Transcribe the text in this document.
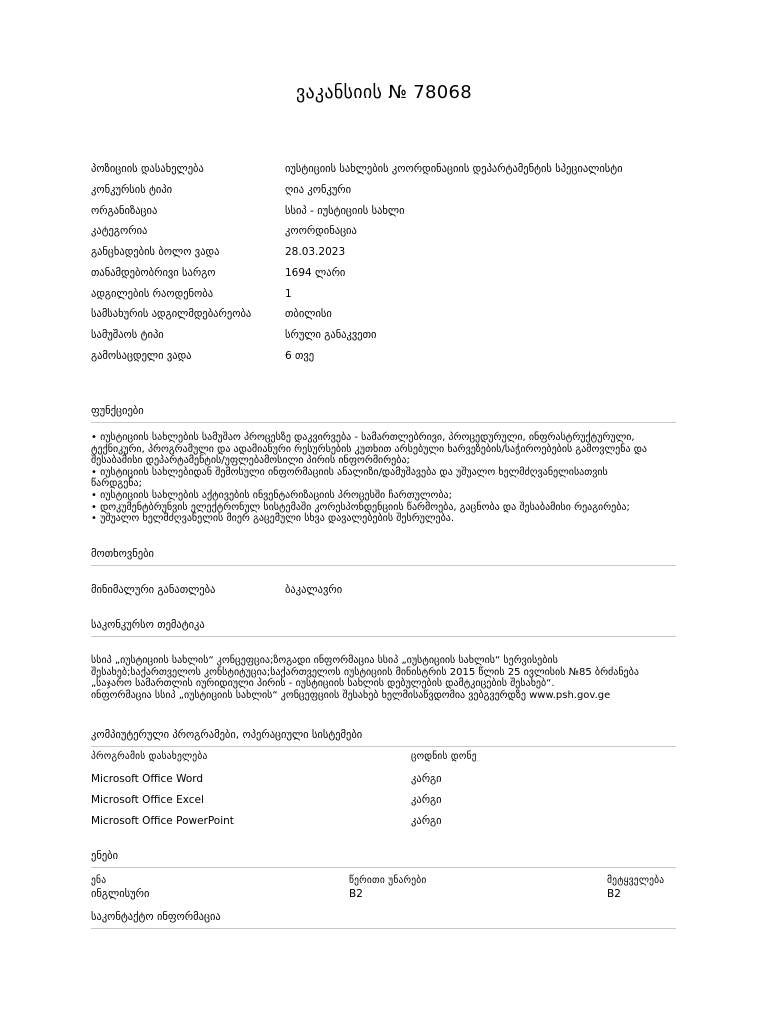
ვაკანსიის № 78068
პოზიციის დასახელება	იუსტიციის სახლების კოორდინაციის დეპარტამენტის სპეციალისტი
კონკურსის ტიპი	ღია კონკური
ორგანიზაცია	სსიპ - იუსტიციის სახლი
კატეგორია	კოორდინაცია
განცხადების ბოლო ვადა	28.03.2023
თანამდებობრივი სარგო	1694 ლარი
ადგილების რაოდენობა	1
სამსახურის ადგილმდებარეობა	თბილისი
სამუშაოს ტიპი	სრული განაკვეთი
გამოსაცდელი ვადა	6 თვე
ფუნქციები
• იუსტიციის სახლების სამუშაო პროცესზე დაკვირვება - სამართლებრივი, პროცედურული, ინფრასტრუქტურული,
ტექნიკური, პროგრამული და ადამიანური რესურსების კუთხით არსებული ხარვეზების/საჭიროებების გამოვლენა და
შესაბამისი დეპარტამენტის/უფლებამოსილი პირის ინფორმირება;
• იუსტიციის სახლებიდან შემოსული ინფორმაციის ანალიზი/დამუშავება და უშუალო ხელმძღვანელისათვის
წარდგენა;
• იუსტიციის სახლების აქტივების ინვენტარიზაციის პროცესში ჩართულობა;
• დოკუმენტბრუნვის ელექტრონულ სისტემაში კორესპონდენციის წარმოება, გაცნობა და შესაბამისი რეაგირება;
• უშუალო ხელმძღვანელის მიერ გაცემული სხვა დავალებების შესრულება.
მოთხოვნები
მინიმალური განათლება	ბაკალავრი
საკონკურსო თემატიკა
სსიპ „იუსტიციის სახლის“ კონცეფცია;ზოგადი ინფორმაცია სსიპ „იუსტიციის სახლის“ სერვისების
შესახებ;საქართველოს კონსტიტუცია;საქართველოს იუსტიციის მინისტრის 2015 წლის 25 ივლისის №85 ბრძანება
„საჯარო სამართლის იურიდიული პირის - იუსტიციის სახლის დებულების დამტკიცების შესახებ“.
ინფორმაცია სსიპ „იუსტიციის სახლის“ კონცეფციის შესახებ ხელმისაწვდომია ვებგვერდზე www.psh.gov.ge
კომპიუტერული პროგრამები, ოპერაციული სისტემები
პროგრამის დასახელება	ცოდნის დონე
Microsoft Office Word	კარგი
Microsoft Office Excel	კარგი
Microsoft Office PowerPoint	კარგი
ენები
ენა	წერითი უნარები	მეტყველება
ინგლისური	B2	B2
საკონტაქტო ინფორმაცია
